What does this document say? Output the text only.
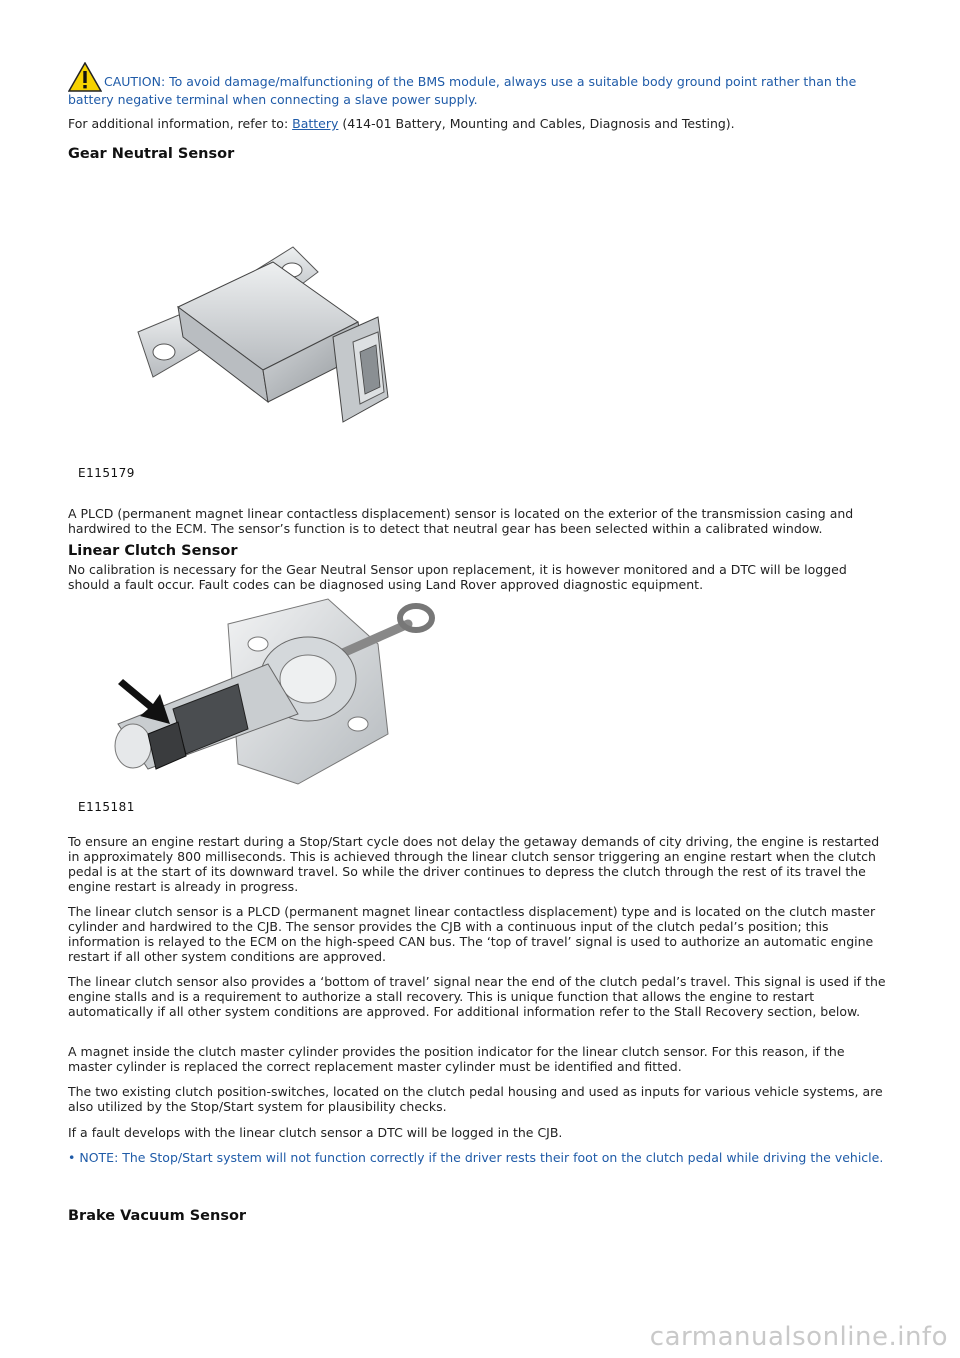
CAUTION: To avoid damage/malfunctioning of the BMS module, always use a suitable body ground point rather than the battery negative terminal when connecting a slave power supply.

For additional information, refer to: Battery (414-01 Battery, Mounting and Cables, Diagnosis and Testing).

Gear Neutral Sensor
E115179

A PLCD (permanent magnet linear contactless displacement) sensor is located on the exterior of the transmission casing and hardwired to the ECM. The sensor’s function is to detect that neutral gear has been selected within a calibrated window.

No calibration is necessary for the Gear Neutral Sensor upon replacement, it is however monitored and a DTC will be logged should a fault occur. Fault codes can be diagnosed using Land Rover approved diagnostic equipment.

Linear Clutch Sensor
E115181

To ensure an engine restart during a Stop/Start cycle does not delay the getaway demands of city driving, the engine is restarted in approximately 800 milliseconds. This is achieved through the linear clutch sensor triggering an engine restart when the clutch pedal is at the start of its downward travel. So while the driver continues to depress the clutch through the rest of its travel the engine restart is already in progress.

The linear clutch sensor is a PLCD (permanent magnet linear contactless displacement) type and is located on the clutch master cylinder and hardwired to the CJB. The sensor provides the CJB with a continuous input of the clutch pedal’s position; this information is relayed to the ECM on the high-speed CAN bus. The ‘top of travel’ signal is used to authorize an automatic engine restart if all other system conditions are approved.

The linear clutch sensor also provides a ‘bottom of travel’ signal near the end of the clutch pedal’s travel. This signal is used if the engine stalls and is a requirement to authorize a stall recovery. This is unique function that allows the engine to restart automatically if all other system conditions are approved. For additional information refer to the Stall Recovery section, below.

A magnet inside the clutch master cylinder provides the position indicator for the linear clutch sensor. For this reason, if the master cylinder is replaced the correct replacement master cylinder must be identified and fitted.

The two existing clutch position-switches, located on the clutch pedal housing and used as inputs for various vehicle systems, are also utilized by the Stop/Start system for plausibility checks.

If a fault develops with the linear clutch sensor a DTC will be logged in the CJB.

• NOTE: The Stop/Start system will not function correctly if the driver rests their foot on the clutch pedal while driving the vehicle.

Brake Vacuum Sensor
carmanualsonline.info
